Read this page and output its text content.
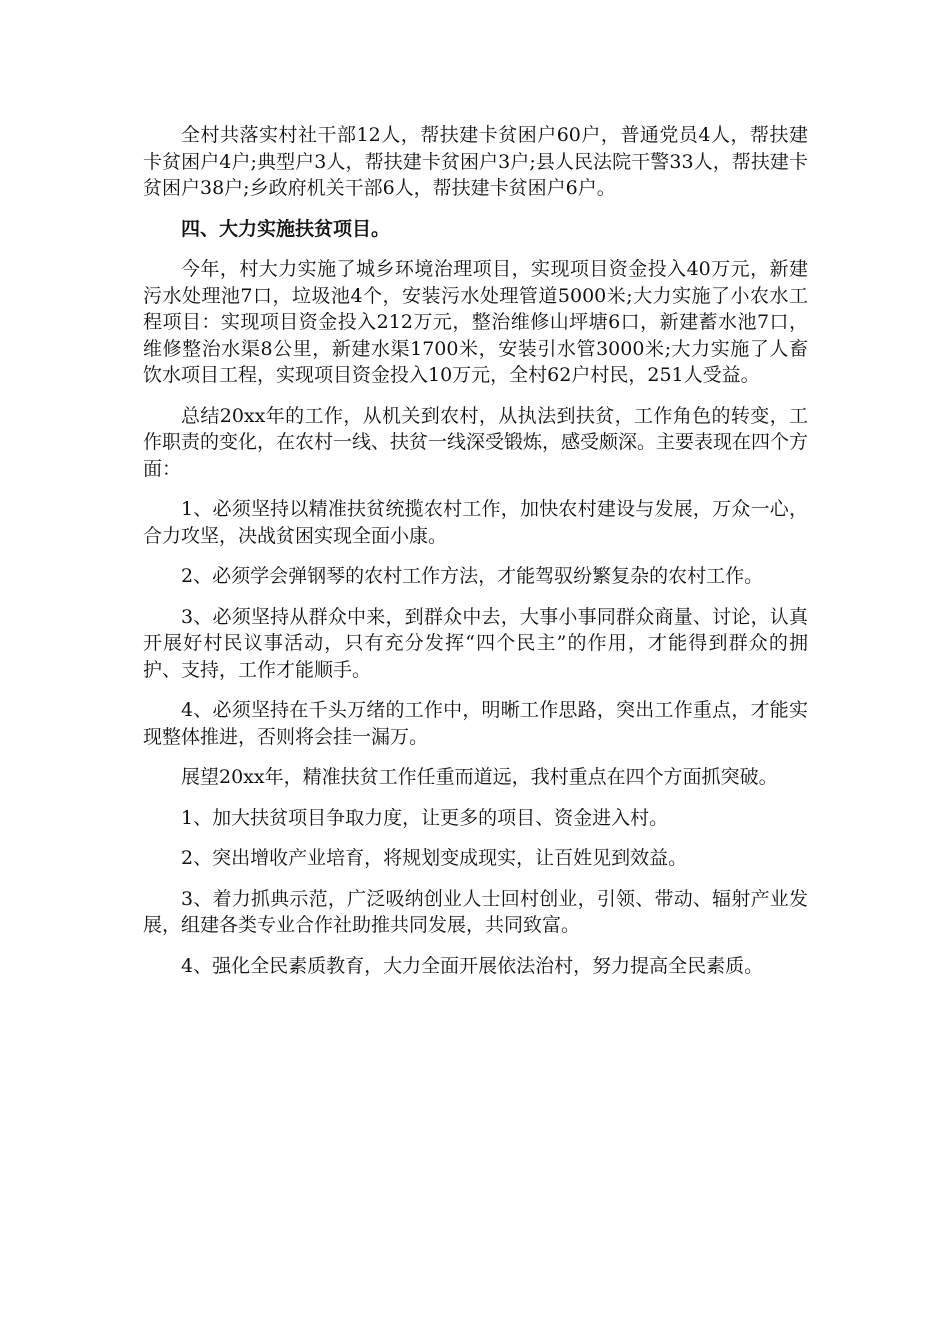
全村共落实村社干部12人，帮扶建卡贫困户60户，普通党员4人，帮扶建卡贫困户4户;典型户3人，帮扶建卡贫困户3户;县人民法院干警33人，帮扶建卡贫困户38户;乡政府机关干部6人，帮扶建卡贫困户6户。

四、大力实施扶贫项目。

今年，村大力实施了城乡环境治理项目，实现项目资金投入40万元，新建污水处理池7口，垃圾池4个，安装污水处理管道5000米;大力实施了小农水工程项目：实现项目资金投入212万元，整治维修山坪塘6口，新建蓄水池7口，维修整治水渠8公里，新建水渠1700米，安装引水管3000米;大力实施了人畜饮水项目工程，实现项目资金投入10万元，全村62户村民，251人受益。

总结20xx年的工作，从机关到农村，从执法到扶贫，工作角色的转变，工作职责的变化，在农村一线、扶贫一线深受锻炼，感受颇深。主要表现在四个方面：

1、必须坚持以精准扶贫统揽农村工作，加快农村建设与发展，万众一心，合力攻坚，决战贫困实现全面小康。

2、必须学会弹钢琴的农村工作方法，才能驾驭纷繁复杂的农村工作。

3、必须坚持从群众中来，到群众中去，大事小事同群众商量、讨论，认真开展好村民议事活动，只有充分发挥“四个民主”的作用，才能得到群众的拥护、支持，工作才能顺手。

4、必须坚持在千头万绪的工作中，明晰工作思路，突出工作重点，才能实现整体推进，否则将会挂一漏万。

展望20xx年，精准扶贫工作任重而道远，我村重点在四个方面抓突破。

1、加大扶贫项目争取力度，让更多的项目、资金进入村。

2、突出增收产业培育，将规划变成现实，让百姓见到效益。

3、着力抓典示范，广泛吸纳创业人士回村创业，引领、带动、辐射产业发展，组建各类专业合作社助推共同发展，共同致富。

4、强化全民素质教育，大力全面开展依法治村，努力提高全民素质。
